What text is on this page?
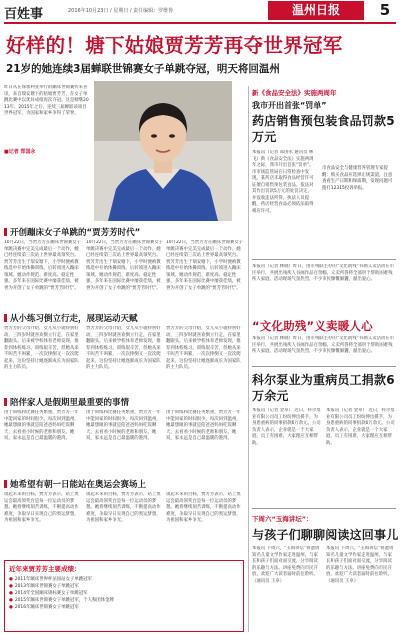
百姓事	2016年10月23日 / 星期日 / 责任编辑：罗维鲁	温州日报	5
好样的！塘下姑娘贾芳芳再夺世界冠军
21岁的她连续3届蝉联世锦赛女子单跳夺冠，明天将回温州
昨日从在保加利亚举行的蹦床世锦赛传来喜讯，来自瑞安塘下的姑娘贾芳芳，在女子单跳比赛中以优异成绩再次夺冠。这是她继2013年、2015年之后，连续三届蝉联该项目世界冠军，为国家和家乡争得了荣誉。
■记者 郑国永
开创蹦床女子单跳的“贾芳芳时代”
10月22日，当贾芳芳在蹦床世锦赛女子单跳决赛中完美完成最后一个动作，她已经连续第三次站上世界最高领奖台。贾芳芳出生于瑞安塘下，小学时便被教练选中开始体操训练，后转项进入蹦床领域。她动作规范、难度高、稳定性强，多年来在国际比赛中屡获佳绩，被誉为开创了女子单跳的“贾芳芳时代”。
10月22日，当贾芳芳在蹦床世锦赛女子单跳决赛中完美完成最后一个动作，她已经连续第三次站上世界最高领奖台。贾芳芳出生于瑞安塘下，小学时便被教练选中开始体操训练，后转项进入蹦床领域。她动作规范、难度高、稳定性强，多年来在国际比赛中屡获佳绩，被誉为开创了女子单跳的“贾芳芳时代”。
10月22日，当贾芳芳在蹦床世锦赛女子单跳决赛中完美完成最后一个动作，她已经连续第三次站上世界最高领奖台。贾芳芳出生于瑞安塘下，小学时便被教练选中开始体操训练，后转项进入蹦床领域。她动作规范、难度高、稳定性强，多年来在国际比赛中屡获佳绩，被誉为开创了女子单跳的“贾芳芳时代”。
从小练习倒立行走，展现运动天赋
贾芳芳的父母介绍，女儿从小就特别好动，三四岁时就喜欢倒立行走，在家里翻跟头。后来被学校体育老师发现，推荐到体校练习。训练很辛苦，但她从来不叫苦不叫累，一次次摔倒又一次次爬起来，这份坚持让她逐渐成长为国家队的主力队员。
贾芳芳的父母介绍，女儿从小就特别好动，三四岁时就喜欢倒立行走，在家里翻跟头。后来被学校体育老师发现，推荐到体校练习。训练很辛苦，但她从来不叫苦不叫累，一次次摔倒又一次次爬起来，这份坚持让她逐渐成长为国家队的主力队员。
贾芳芳的父母介绍，女儿从小就特别好动，三四岁时就喜欢倒立行走，在家里翻跟头。后来被学校体育老师发现，推荐到体校练习。训练很辛苦，但她从来不叫苦不叫累，一次次摔倒又一次次爬起来，这份坚持让她逐渐成长为国家队的主力队员。
陪伴家人是假期里最重要的事情
由于训练和比赛任务繁重，贾芳芳一年中能回家的时间很少。每次回到温州，她最想做的事就是陪爸爸妈妈吃饭聊天，去看看小时候的老师和朋友。她说，家永远是自己最温暖的港湾。
由于训练和比赛任务繁重，贾芳芳一年中能回家的时间很少。每次回到温州，她最想做的事就是陪爸爸妈妈吃饭聊天，去看看小时候的老师和朋友。她说，家永远是自己最温暖的港湾。
由于训练和比赛任务繁重，贾芳芳一年中能回家的时间很少。每次回到温州，她最想做的事就是陪爸爸妈妈吃饭聊天，去看看小时候的老师和朋友。她说，家永远是自己最温暖的港湾。
她希望有朝一日能站在奥运会赛场上
谈起未来的目标，贾芳芳表示，站上奥运会最高领奖台是每一位运动员的梦想。她将继续刻苦训练，不断提高动作难度，争取早日实现自己的奥运梦想，为祖国和家乡争光。
谈起未来的目标，贾芳芳表示，站上奥运会最高领奖台是每一位运动员的梦想。她将继续刻苦训练，不断提高动作难度，争取早日实现自己的奥运梦想，为祖国和家乡争光。
谈起未来的目标，贾芳芳表示，站上奥运会最高领奖台是每一位运动员的梦想。她将继续刻苦训练，不断提高动作难度，争取早日实现自己的奥运梦想，为祖国和家乡争光。
近年来贾芳芳主要成绩：
● 2011年蹦床世界杯法国站女子单跳冠军
● 2013年蹦床世锦赛女子单跳冠军
● 2014年全国蹦床锦标赛女子单跳冠军
● 2015年蹦床世锦赛女子单跳冠军，个人和团体金牌
● 2016年蹦床世锦赛女子单跳冠军
新《食品安全法》实施两周年
我市开出首张“罚单”
药店销售预包装食品罚款5万元
本报讯（记者 郑国永 通讯员 林飞）新《食品安全法》实施两周年之际，我市开出首张“罚单”。市市场监管局在日常检查中发现，某药店未取得食品经营许可证擅自销售预包装食品，依法对其作出罚款5万元的处罚决定，并没收违法所得。执法人员提醒，药店经营食品必须依法取得相应许可。

市食品安全与健康营养管理专家提醒：购买食品应选择正规渠道，注意查看生产日期和保质期，发现问题可拨打12315投诉举报。

“文化助残”义卖暖人心
本报讯（记者 林晓）昨日，由市残联主办的“文化助残”书画义卖活动在市区举行，共展出残疾人书画作品百余幅，义卖所得将全部用于帮助困难残疾人家庭。活动现场气氛热烈，不少市民慷慨解囊，献出爱心。
本报讯（记者 林晓）昨日，由市残联主办的“文化助残”书画义卖活动在市区举行，共展出残疾人书画作品百余幅，义卖所得将全部用于帮助困难残疾人家庭。活动现场气氛热烈，不少市民慷慨解囊，献出爱心。
科尔泵业为重病员工捐款6万余元
本报讯（记者 金卓） 近日，科尔泵业有限公司员工纷纷伸出援手，为身患重病的同事捐款6万余元。公司负责人表示，企业就是一个大家庭，员工有困难，大家理应互相帮助。
本报讯（记者 金卓） 近日，科尔泵业有限公司员工纷纷伸出援手，为身患重病的同事捐款6万余元。公司负责人表示，企业就是一个大家庭，员工有困难，大家理应互相帮助。
下周六“玉海讲坛”：
与孩子们聊聊阅读这回事儿
本报讯 下周六，“玉海讲坛”将邀请知名儿童文学作家走进温州，与家长和孩子们面对面交流，分享阅读的乐趣与方法。讲座免费向市民开放，欢迎广大读者届时前往聆听。（通讯员 王卓）
本报讯 下周六，“玉海讲坛”将邀请知名儿童文学作家走进温州，与家长和孩子们面对面交流，分享阅读的乐趣与方法。讲座免费向市民开放，欢迎广大读者届时前往聆听。（通讯员 王卓）
